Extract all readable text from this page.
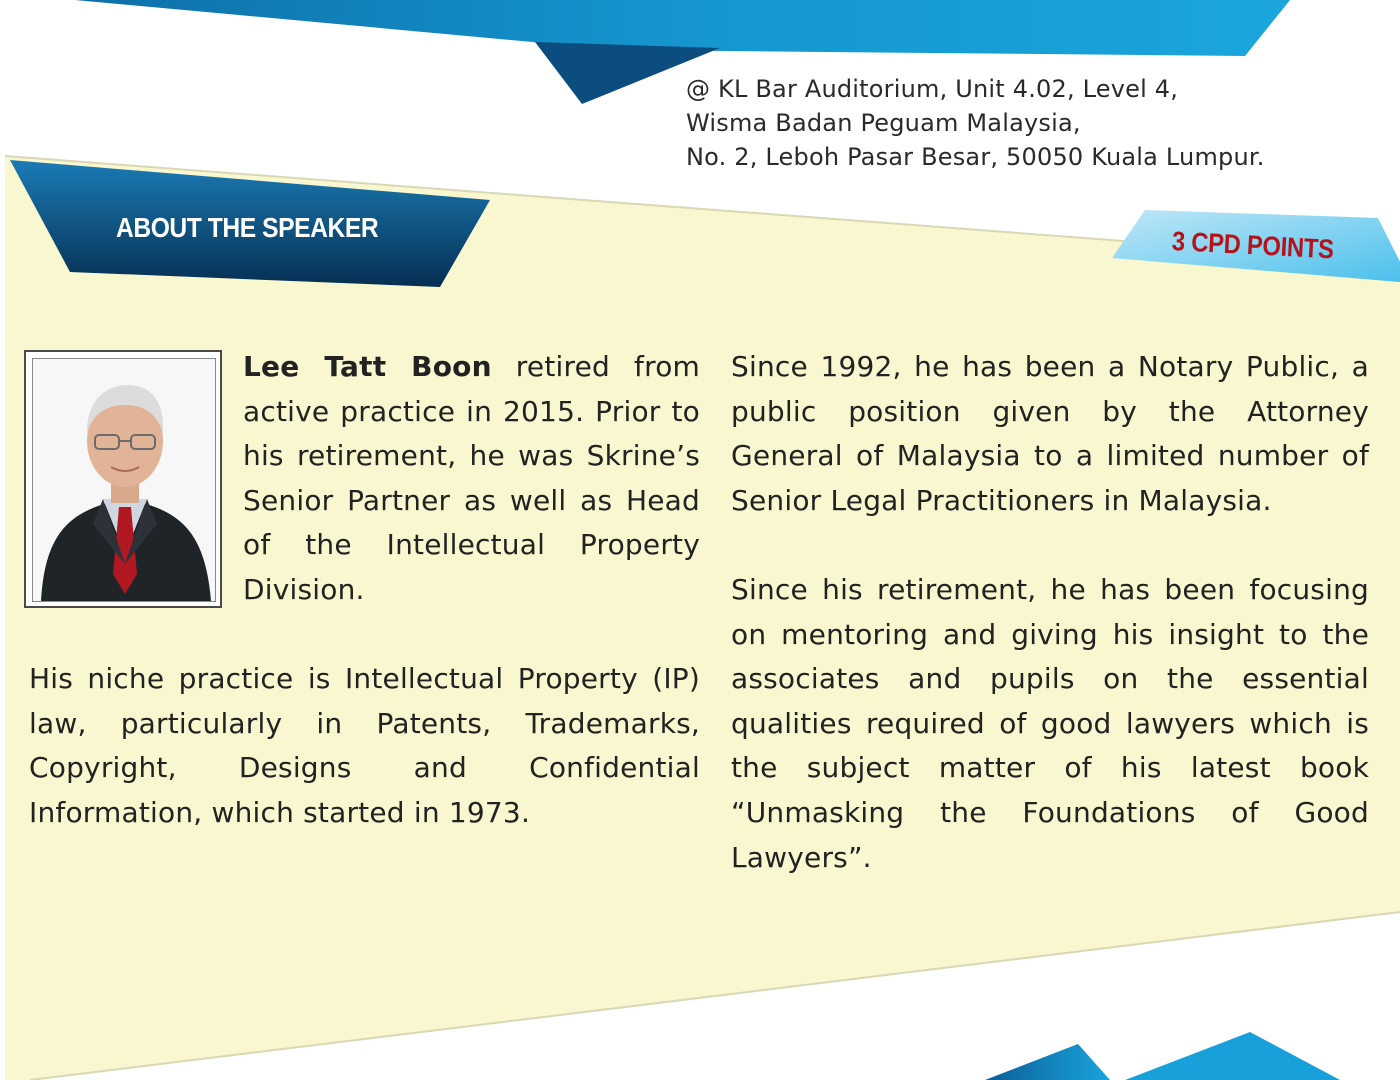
@ KL Bar Auditorium, Unit 4.02, Level 4,
Wisma Badan Peguam Malaysia,
No. 2, Leboh Pasar Besar, 50050 Kuala Lumpur.
ABOUT THE SPEAKER	3 CPD POINTS
Lee Tatt Boon retired from active practice in 2015. Prior to his retirement, he was Skrine’s Senior Partner as well as Head of the Intellectual Property Division.
His niche practice is Intellectual Property (IP) law, particularly in Patents, Trademarks, Copyright, Designs and Confidential Information, which started in 1973.

Since 1992, he has been a Notary Public, a public position given by the Attorney General of Malaysia to a limited number of Senior Legal Practitioners in Malaysia.

Since his retirement, he has been focusing on mentoring and giving his insight to the associates and pupils on the essential qualities required of good lawyers which is the subject matter of his latest book “Unmasking the Foundations of Good Lawyers”.
